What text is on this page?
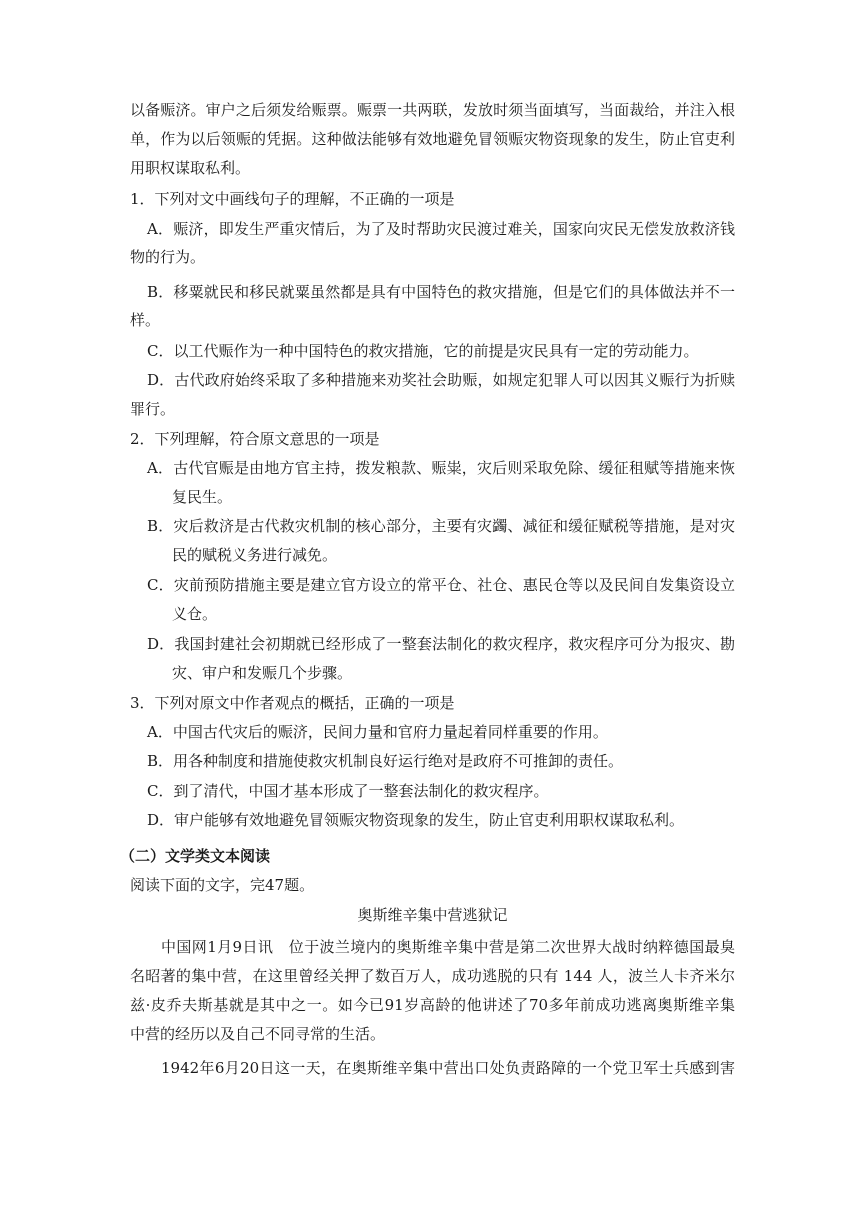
以备赈济。审户之后须发给赈票。赈票一共两联，发放时须当面填写，当面裁给，并注入根
单，作为以后领赈的凭据。这种做法能够有效地避免冒领赈灾物资现象的发生，防止官吏利
用职权谋取私利。
1．下列对文中画线句子的理解，不正确的一项是
A．赈济，即发生严重灾情后，为了及时帮助灾民渡过难关，国家向灾民无偿发放救济钱
物的行为。
B．移粟就民和移民就粟虽然都是具有中国特色的救灾措施，但是它们的具体做法并不一
样。
C．以工代赈作为一种中国特色的救灾措施，它的前提是灾民具有一定的劳动能力。
D．古代政府始终采取了多种措施来劝奖社会助赈，如规定犯罪人可以因其义赈行为折赎
罪行。
2．下列理解，符合原文意思的一项是
A．古代官赈是由地方官主持，拨发粮款、赈粜，灾后则采取免除、缓征租赋等措施来恢
复民生。
B．灾后救济是古代救灾机制的核心部分，主要有灾蠲、减征和缓征赋税等措施，是对灾
民的赋税义务进行减免。
C．灾前预防措施主要是建立官方设立的常平仓、社仓、惠民仓等以及民间自发集资设立
义仓。
D．我国封建社会初期就已经形成了一整套法制化的救灾程序，救灾程序可分为报灾、勘
灾、审户和发赈几个步骤。
3．下列对原文中作者观点的概括，正确的一项是
A．中国古代灾后的赈济，民间力量和官府力量起着同样重要的作用。
B．用各种制度和措施使救灾机制良好运行绝对是政府不可推卸的责任。
C．到了清代，中国才基本形成了一整套法制化的救灾程序。
D．审户能够有效地避免冒领赈灾物资现象的发生，防止官吏利用职权谋取私利。
（二）文学类文本阅读
阅读下面的文字，完47题。
奥斯维辛集中营逃狱记
中国网1月9日讯　位于波兰境内的奥斯维辛集中营是第二次世界大战时纳粹德国最臭
名昭著的集中营，在这里曾经关押了数百万人，成功逃脱的只有 144 人，波兰人卡齐米尔
兹·皮乔夫斯基就是其中之一。如今已91岁高龄的他讲述了70多年前成功逃离奥斯维辛集
中营的经历以及自己不同寻常的生活。
1942年6月20日这一天，在奥斯维辛集中营出口处负责路障的一个党卫军士兵感到害
